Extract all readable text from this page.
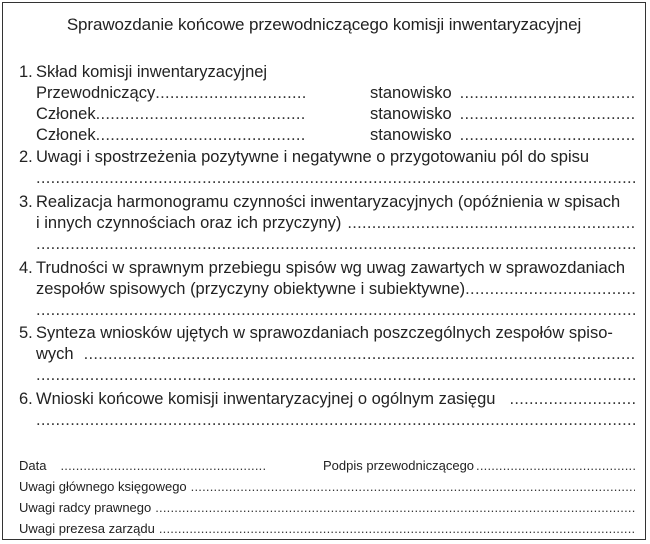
Sprawozdanie końcowe przewodniczącego komisji inwentaryzacyjnej
1. Skład komisji inwentaryzacyjnej
Przewodniczący .....	stanowisko
.....
Członek .....	stanowisko
.....
Członek .....	stanowisko
.....
2. Uwagi i spostrzeżenia pozytywne i negatywne o przygotowaniu pól do spisu
.....
3. Realizacja harmonogramu czynności inwentaryzacyjnych (opóźnienia w spisach
i innych czynnościach oraz ich przyczyny)
.....
.....
4. Trudności w sprawnym przebiegu spisów wg uwag zawartych w sprawozdaniach
zespołów spisowych (przyczyny obiektywne i subiektywne)
.....
.....
5. Synteza wniosków ujętych w sprawozdaniach poszczególnych zespołów spiso-
wych
.....
.....
6. Wnioski końcowe komisji inwentaryzacyjnej o ogólnym zasięgu
.....
.....
Data .....	Podpis przewodniczącego
.....
Uwagi głównego księgowego
.....
Uwagi radcy prawnego
.....
Uwagi prezesa zarządu
.....
